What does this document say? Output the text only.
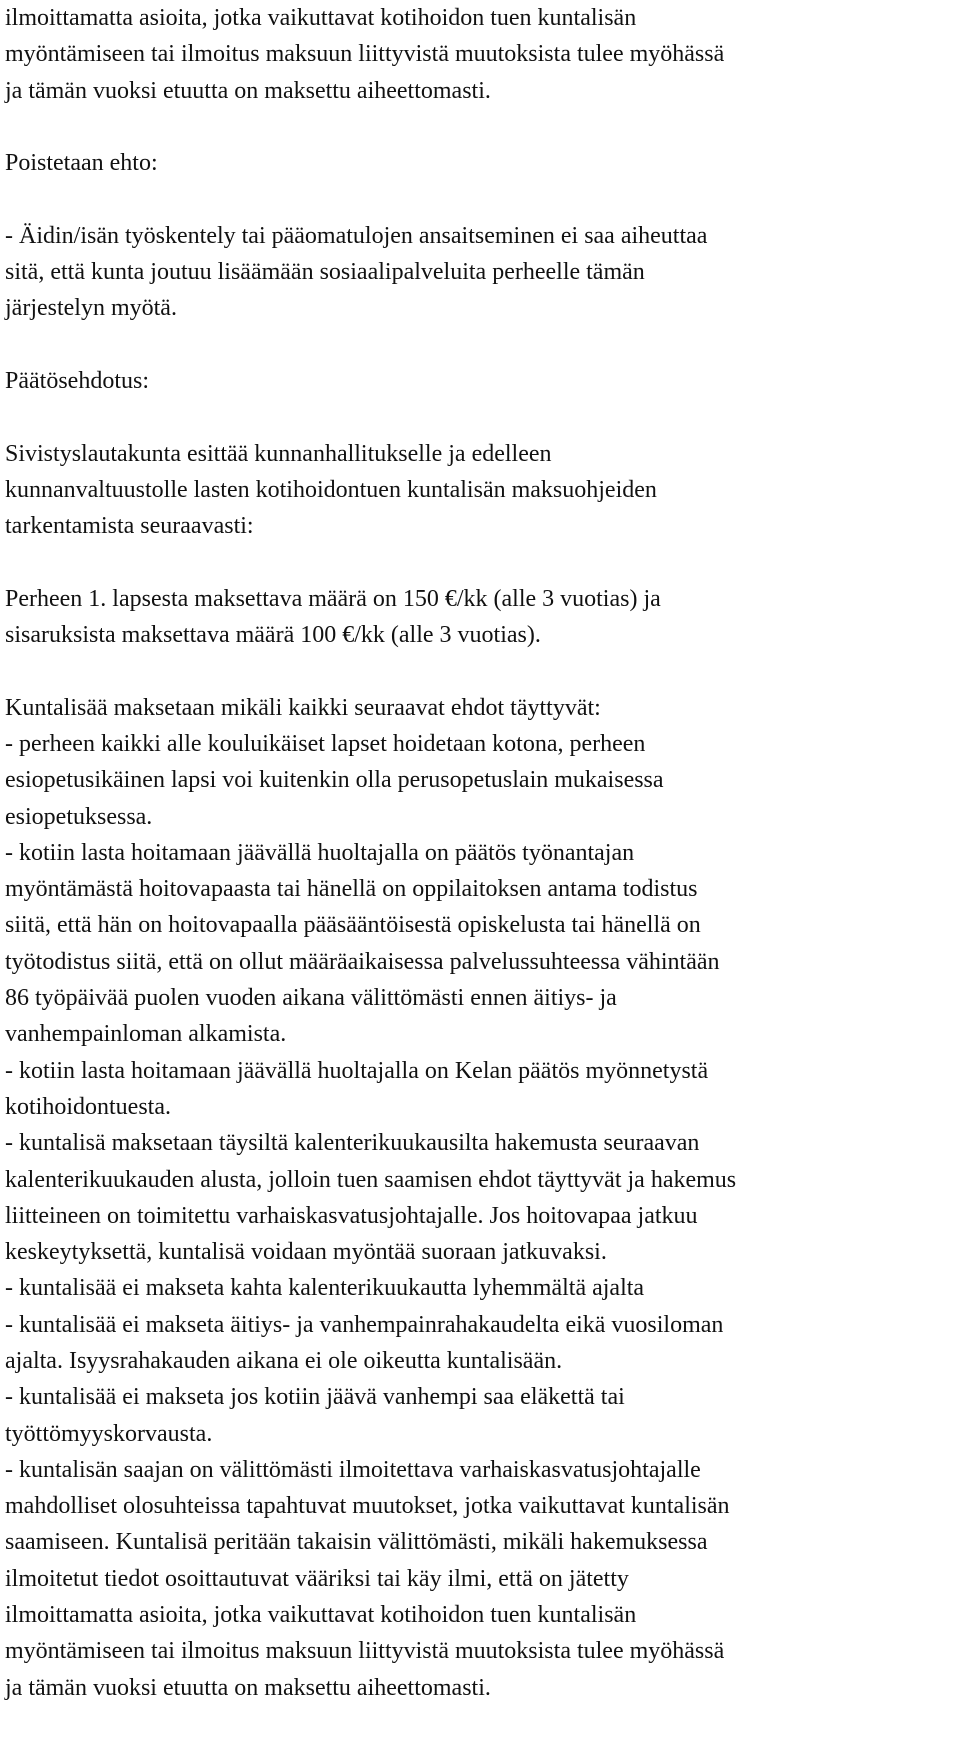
ilmoittamatta asioita, jotka vaikuttavat kotihoidon tuen kuntalisän
myöntämiseen tai ilmoitus maksuun liittyvistä muutoksista tulee myöhässä
ja tämän vuoksi etuutta on maksettu aiheettomasti.
Poistetaan ehto:
- Äidin/isän työskentely tai pääomatulojen ansaitseminen ei saa aiheuttaa
sitä, että kunta joutuu lisäämään sosiaalipalveluita perheelle tämän
järjestelyn myötä.
Päätösehdotus:
Sivistyslautakunta esittää kunnanhallitukselle ja edelleen
kunnanvaltuustolle lasten kotihoidontuen kuntalisän maksuohjeiden
tarkentamista seuraavasti:
Perheen 1. lapsesta maksettava määrä on 150 €/kk (alle 3 vuotias) ja
sisaruksista maksettava määrä 100 €/kk (alle 3 vuotias).
Kuntalisää maksetaan mikäli kaikki seuraavat ehdot täyttyvät:
- perheen kaikki alle kouluikäiset lapset hoidetaan kotona, perheen
esiopetusikäinen lapsi voi kuitenkin olla perusopetuslain mukaisessa
esiopetuksessa.
- kotiin lasta hoitamaan jäävällä huoltajalla on päätös työnantajan
myöntämästä hoitovapaasta tai hänellä on oppilaitoksen antama todistus
siitä, että hän on hoitovapaalla pääsääntöisestä opiskelusta tai hänellä on
työtodistus siitä, että on ollut määräaikaisessa palvelussuhteessa vähintään
86 työpäivää puolen vuoden aikana välittömästi ennen äitiys- ja
vanhempainloman alkamista.
- kotiin lasta hoitamaan jäävällä huoltajalla on Kelan päätös myönnetystä
kotihoidontuesta.
- kuntalisä maksetaan täysiltä kalenterikuukausilta hakemusta seuraavan
kalenterikuukauden alusta, jolloin tuen saamisen ehdot täyttyvät ja hakemus
liitteineen on toimitettu varhaiskasvatusjohtajalle. Jos hoitovapaa jatkuu
keskeytyksettä, kuntalisä voidaan myöntää suoraan jatkuvaksi.
- kuntalisää ei makseta kahta kalenterikuukautta lyhemmältä ajalta
- kuntalisää ei makseta äitiys- ja vanhempainrahakaudelta eikä vuosiloman
ajalta. Isyysrahakauden aikana ei ole oikeutta kuntalisään.
- kuntalisää ei makseta jos kotiin jäävä vanhempi saa eläkettä tai
työttömyyskorvausta.
- kuntalisän saajan on välittömästi ilmoitettava varhaiskasvatusjohtajalle
mahdolliset olosuhteissa tapahtuvat muutokset, jotka vaikuttavat kuntalisän
saamiseen. Kuntalisä peritään takaisin välittömästi, mikäli hakemuksessa
ilmoitetut tiedot osoittautuvat vääriksi tai käy ilmi, että on jätetty
ilmoittamatta asioita, jotka vaikuttavat kotihoidon tuen kuntalisän
myöntämiseen tai ilmoitus maksuun liittyvistä muutoksista tulee myöhässä
ja tämän vuoksi etuutta on maksettu aiheettomasti.
